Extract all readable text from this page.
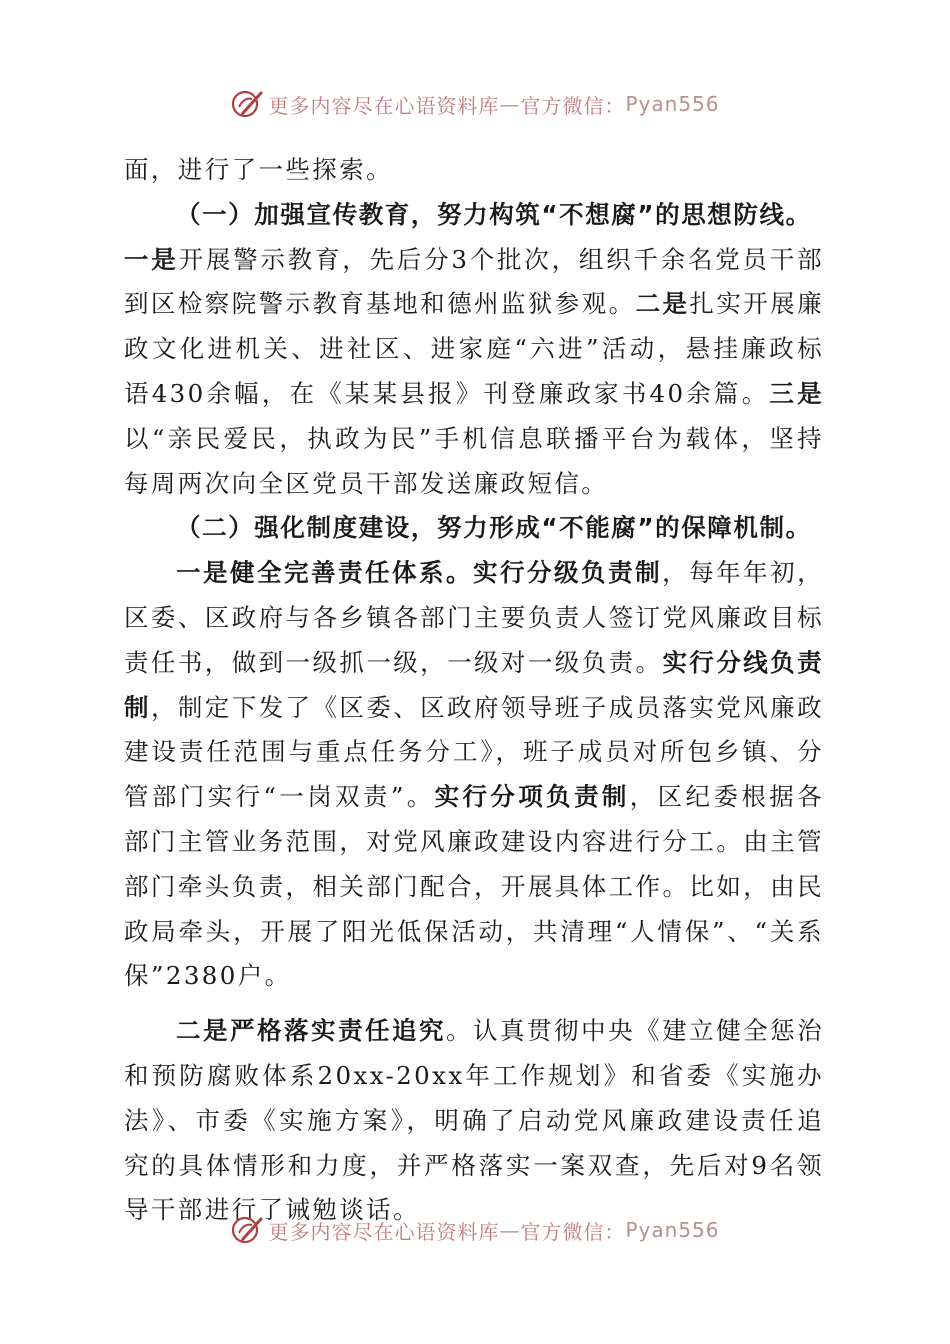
更多内容尽在心语资料库 — 官方微信： Pyan556

面，进行了一些探索。

（一）加强宣传教育，努力构筑“不想腐”的思想防线。

一是开展警示教育，先后分3个批次，组织千余名党员干部到区检察院警示教育基地和德州监狱参观。二是扎实开展廉政文化进机关、进社区、进家庭“六进”活动，悬挂廉政标语430余幅，在《某某县报》刊登廉政家书40余篇。三是以“亲民爱民，执政为民”手机信息联播平台为载体，坚持每周两次向全区党员干部发送廉政短信。

（二）强化制度建设，努力形成“不能腐”的保障机制。

一是健全完善责任体系。实行分级负责制，每年年初，区委、区政府与各乡镇各部门主要负责人签订党风廉政目标责任书，做到一级抓一级，一级对一级负责。实行分线负责制，制定下发了《区委、区政府领导班子成员落实党风廉政建设责任范围与重点任务分工》，班子成员对所包乡镇、分管部门实行“一岗双责”。实行分项负责制，区纪委根据各部门主管业务范围，对党风廉政建设内容进行分工。由主管部门牵头负责，相关部门配合，开展具体工作。比如，由民政局牵头，开展了阳光低保活动，共清理“人情保”、“关系保”2380户。

二是严格落实责任追究。认真贯彻中央《建立健全惩治和预防腐败体系20xx-20xx年工作规划》和省委《实施办法》、市委《实施方案》，明确了启动党风廉政建设责任追究的具体情形和力度，并严格落实一案双查，先后对9名领导干部进行了诫勉谈话。

更多内容尽在心语资料库 — 官方微信： Pyan556
